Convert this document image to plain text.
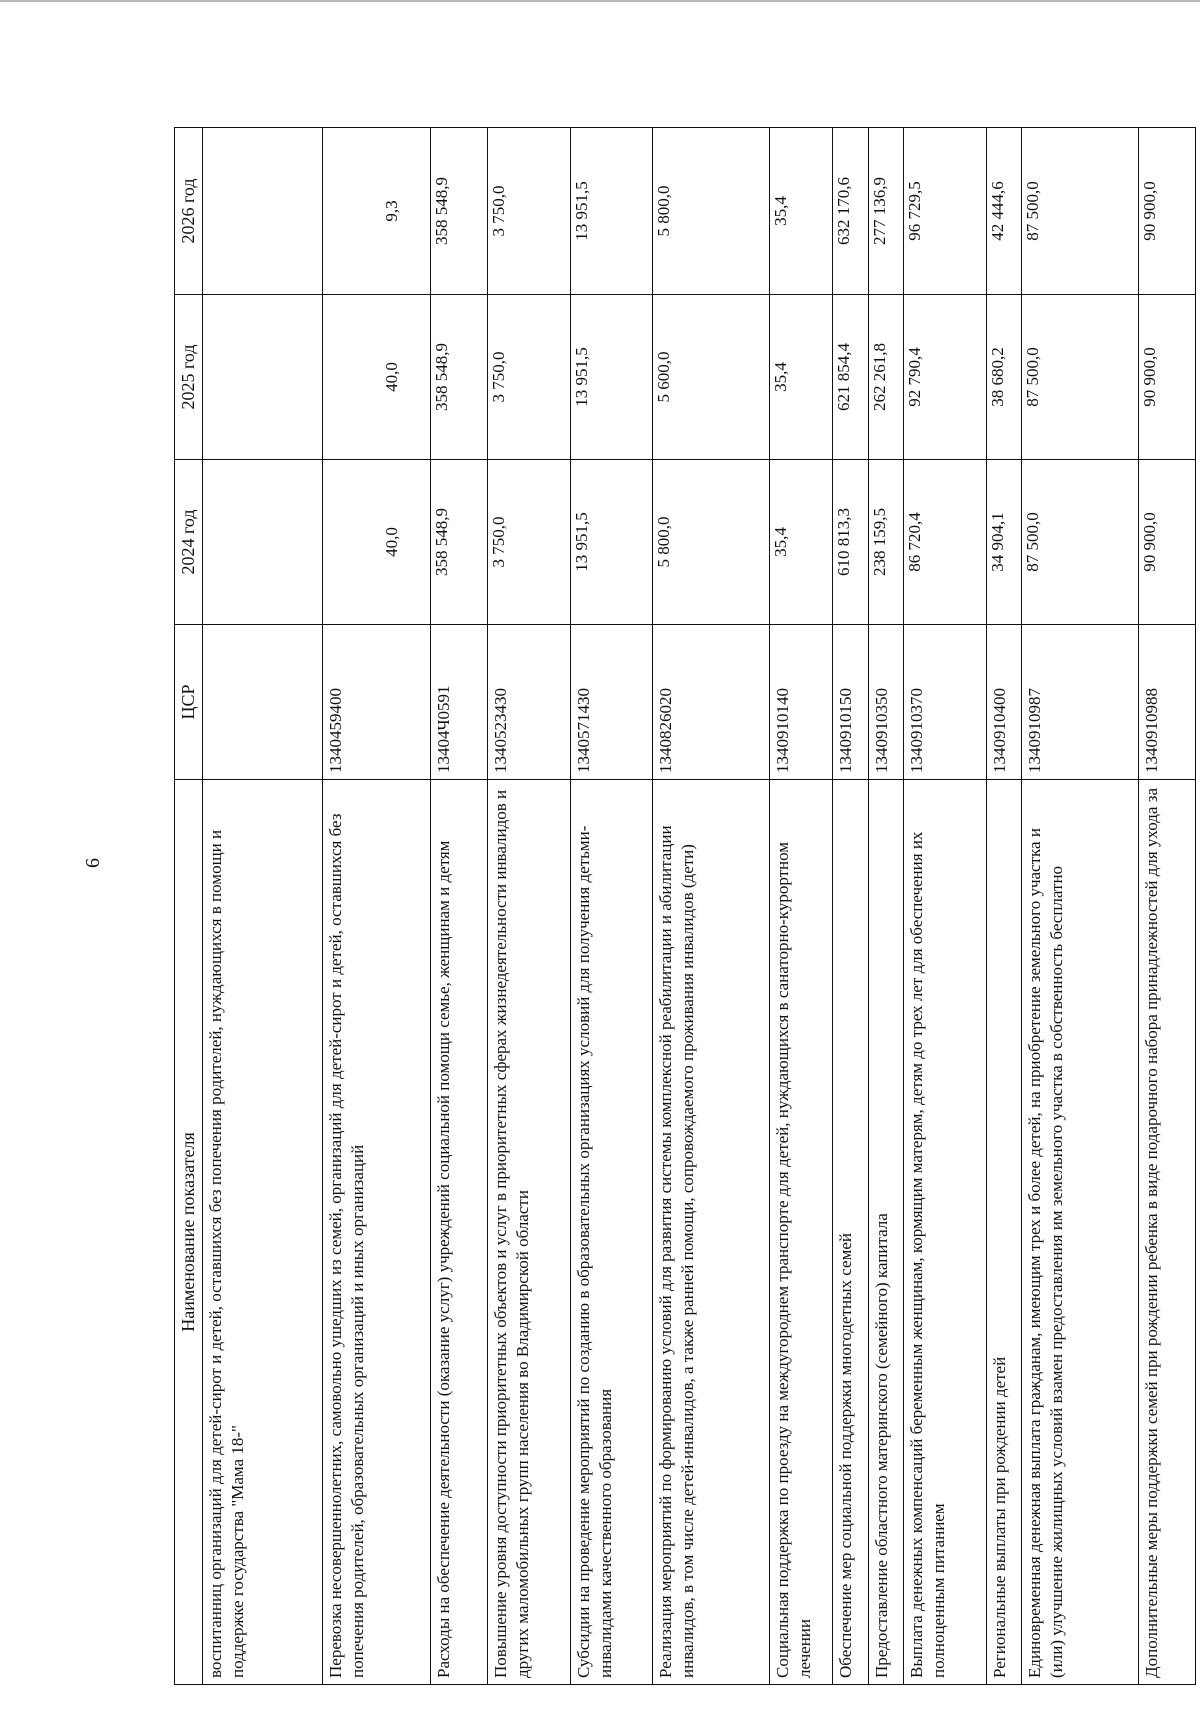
6
Наименование показателя	ЦСР	2024 год	2025 год	2026 год
воспитанниц организаций для детей-сирот и детей, оставшихся без попечения родителей, нуждающихся в помощи и поддержке государства "Мама 18-"				
Перевозка несовершеннолетних, самовольно ушедших из семей, организаций для детей-сирот и детей, оставшихся без попечения родителей, образовательных организаций и иных организаций	1340459400	40,0	40,0	9,3
Расходы на обеспечение деятельности (оказание услуг) учреждений социальной помощи семье, женщинам и детям	13404Ч0591	358 548,9	358 548,9	358 548,9
Повышение уровня доступности приоритетных объектов и услуг в приоритетных сферах жизнедеятельности инвалидов и других маломобильных групп населения во Владимирской области	1340523430	3 750,0	3 750,0	3 750,0
Субсидии на проведение мероприятий по созданию в образовательных организациях условий для получения детьми-инвалидами качественного образования	1340571430	13 951,5	13 951,5	13 951,5
Реализация мероприятий по формированию условий для развития системы комплексной реабилитации и абилитации инвалидов, в том числе детей-инвалидов, а также ранней помощи, сопровождаемого проживания инвалидов (дети)	1340826020	5 800,0	5 600,0	5 800,0
Социальная поддержка по проезду на междугороднем транспорте для детей, нуждающихся в санаторно-курортном лечении	1340910140	35,4	35,4	35,4
Обеспечение мер социальной поддержки многодетных семей	1340910150	610 813,3	621 854,4	632 170,6
Предоставление областного материнского (семейного) капитала	1340910350	238 159,5	262 261,8	277 136,9
Выплата денежных компенсаций беременным женщинам, кормящим матерям, детям до трех лет для обеспечения их полноценным питанием	1340910370	86 720,4	92 790,4	96 729,5
Региональные выплаты при рождении детей	1340910400	34 904,1	38 680,2	42 444,6
Единовременная денежная выплата гражданам, имеющим трех и более детей, на приобретение земельного участка и (или) улучшение жилищных условий взамен предоставления им земельного участка в собственность бесплатно	1340910987	87 500,0	87 500,0	87 500,0
Дополнительные меры поддержки семей при рождении ребенка в виде подарочного набора принадлежностей для ухода за	1340910988	90 900,0	90 900,0	90 900,0
